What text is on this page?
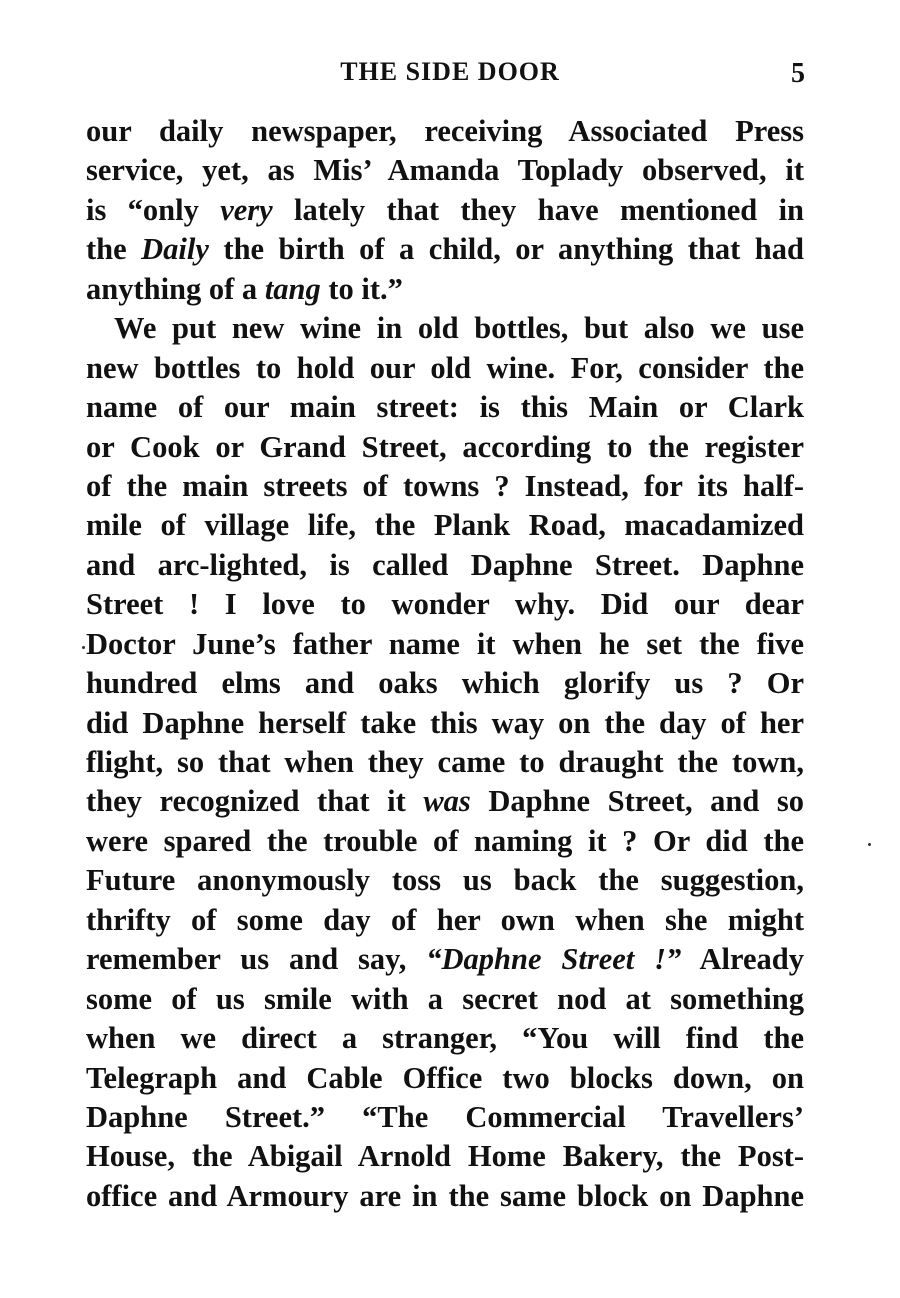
THE SIDE DOOR	5
our daily newspaper, receiving Associated Press
service, yet, as Mis’ Amanda Toplady observed, it
is “only very lately that they have mentioned in
the Daily the birth of a child, or anything that had
anything of a tang to it.”
We put new wine in old bottles, but also we use
new bottles to hold our old wine. For, consider the
name of our main street: is this Main or Clark
or Cook or Grand Street, according to the register
of the main streets of towns ? Instead, for its half-
mile of village life, the Plank Road, macadamized
and arc-lighted, is called Daphne Street. Daphne
Street ! I love to wonder why. Did our dear
Doctor June’s father name it when he set the five
hundred elms and oaks which glorify us ? Or
did Daphne herself take this way on the day of her
flight, so that when they came to draught the town,
they recognized that it was Daphne Street, and so
were spared the trouble of naming it ? Or did the
Future anonymously toss us back the suggestion,
thrifty of some day of her own when she might
remember us and say, “Daphne Street !” Already
some of us smile with a secret nod at something
when we direct a stranger, “You will find the
Telegraph and Cable Office two blocks down, on
Daphne Street.” “The Commercial Travellers’
House, the Abigail Arnold Home Bakery, the Post-
office and Armoury are in the same block on Daphne
